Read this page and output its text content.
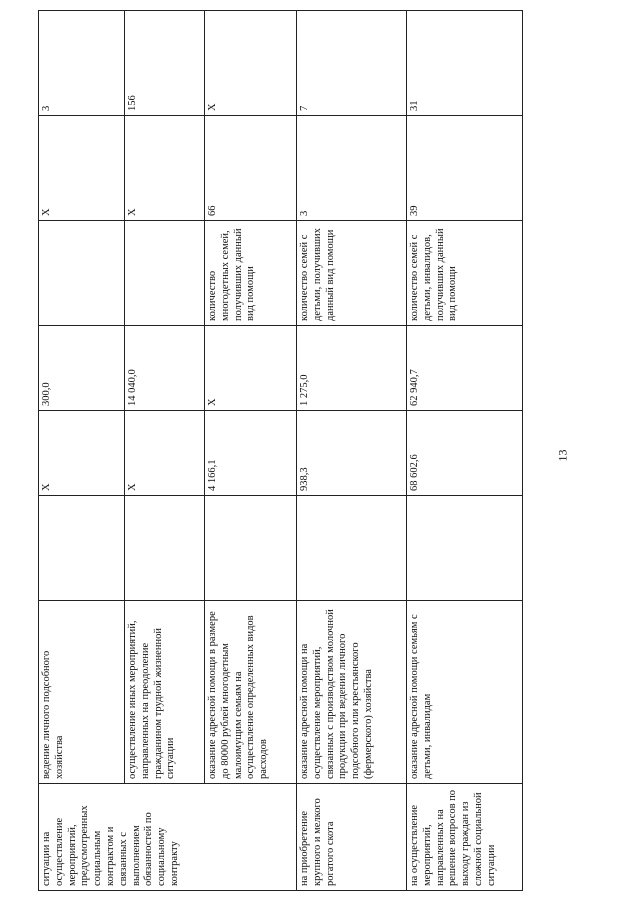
ситуации на осуществление мероприятий, предусмотренных социальным контрактом и связанных с выполнением обязанностей по социальному контракту	ведение личного подсобного хозяйства		Х	300,0		Х	3
	осуществление иных мероприятий, направленных на преодоление гражданином трудной жизненной ситуации		Х	14 040,0		Х	156
	оказание адресной помощи в размере до 80000 рублей многодетным малоимущим семьям на осуществление определенных видов расходов		4 166,1	Х	количество многодетных семей, получивших данный вид помощи	66	Х
на приобретение крупного и мелкого рогатого скота	оказание адресной помощи на осуществление мероприятий, связанных с производством молочной продукции при ведении личного подсобного или крестьянского (фермерского) хозяйства		938,3	1 275,0	количество семей с детьми, получивших данный вид помощи	3	7
на осуществление мероприятий, направленных на решение вопросов по выходу граждан из сложной социальной ситуации	оказание адресной помощи семьям с детьми, инвалидам		68 602,6	62 940,7	количество семей с детьми, инвалидов, получивших данный вид помощи	39	31
13
